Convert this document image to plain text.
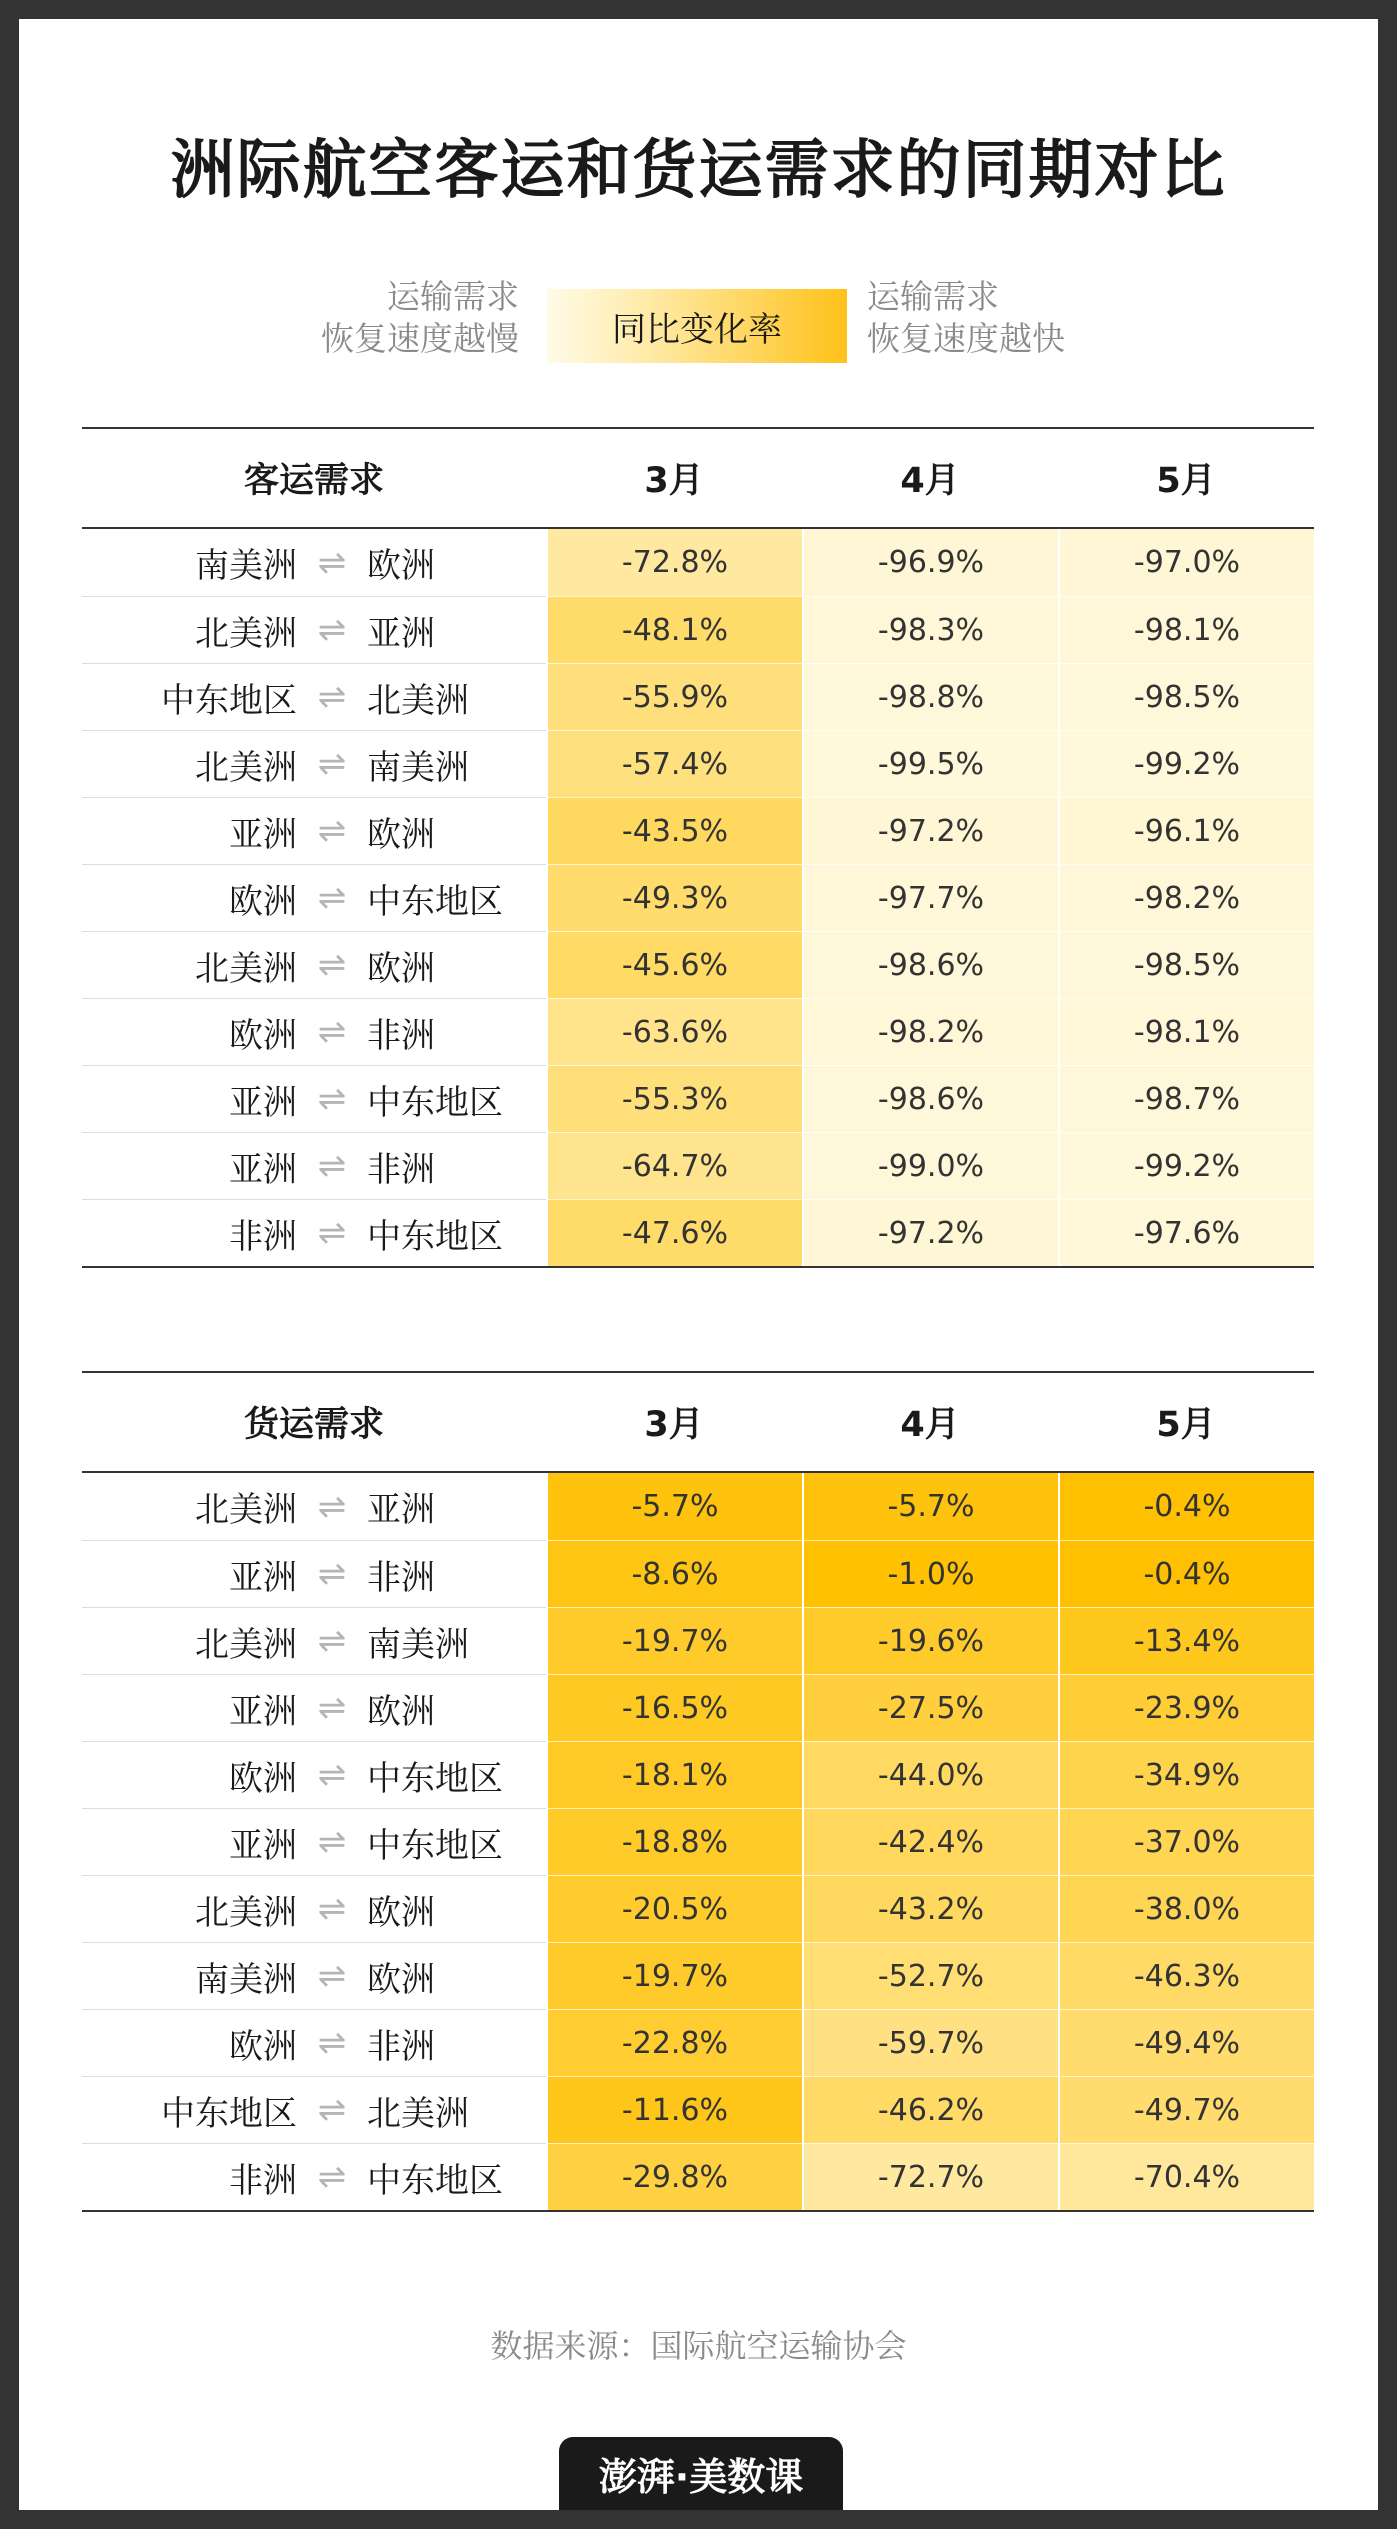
洲际航空客运和货运需求的同期对比
运输需求
恢复速度越慢	同比变化率
运输需求
恢复速度越快
客运需求	3月	4月	5月
南美洲 ⇌ 欧洲	-72.8%	-96.9%	-97.0%
北美洲 ⇌ 亚洲	-48.1%	-98.3%	-98.1%
中东地区 ⇌ 北美洲	-55.9%	-98.8%	-98.5%
北美洲 ⇌ 南美洲	-57.4%	-99.5%	-99.2%
亚洲 ⇌ 欧洲	-43.5%	-97.2%	-96.1%
欧洲 ⇌ 中东地区	-49.3%	-97.7%	-98.2%
北美洲 ⇌ 欧洲	-45.6%	-98.6%	-98.5%
欧洲 ⇌ 非洲	-63.6%	-98.2%	-98.1%
亚洲 ⇌ 中东地区	-55.3%	-98.6%	-98.7%
亚洲 ⇌ 非洲	-64.7%	-99.0%	-99.2%
非洲 ⇌ 中东地区	-47.6%	-97.2%	-97.6%
货运需求	3月	4月	5月
北美洲 ⇌ 亚洲	-5.7%	-5.7%	-0.4%
亚洲 ⇌ 非洲	-8.6%	-1.0%	-0.4%
北美洲 ⇌ 南美洲	-19.7%	-19.6%	-13.4%
亚洲 ⇌ 欧洲	-16.5%	-27.5%	-23.9%
欧洲 ⇌ 中东地区	-18.1%	-44.0%	-34.9%
亚洲 ⇌ 中东地区	-18.8%	-42.4%	-37.0%
北美洲 ⇌ 欧洲	-20.5%	-43.2%	-38.0%
南美洲 ⇌ 欧洲	-19.7%	-52.7%	-46.3%
欧洲 ⇌ 非洲	-22.8%	-59.7%	-49.4%
中东地区 ⇌ 北美洲	-11.6%	-46.2%	-49.7%
非洲 ⇌ 中东地区	-29.8%	-72.7%	-70.4%
数据来源：国际航空运输协会
澎湃·美数课
